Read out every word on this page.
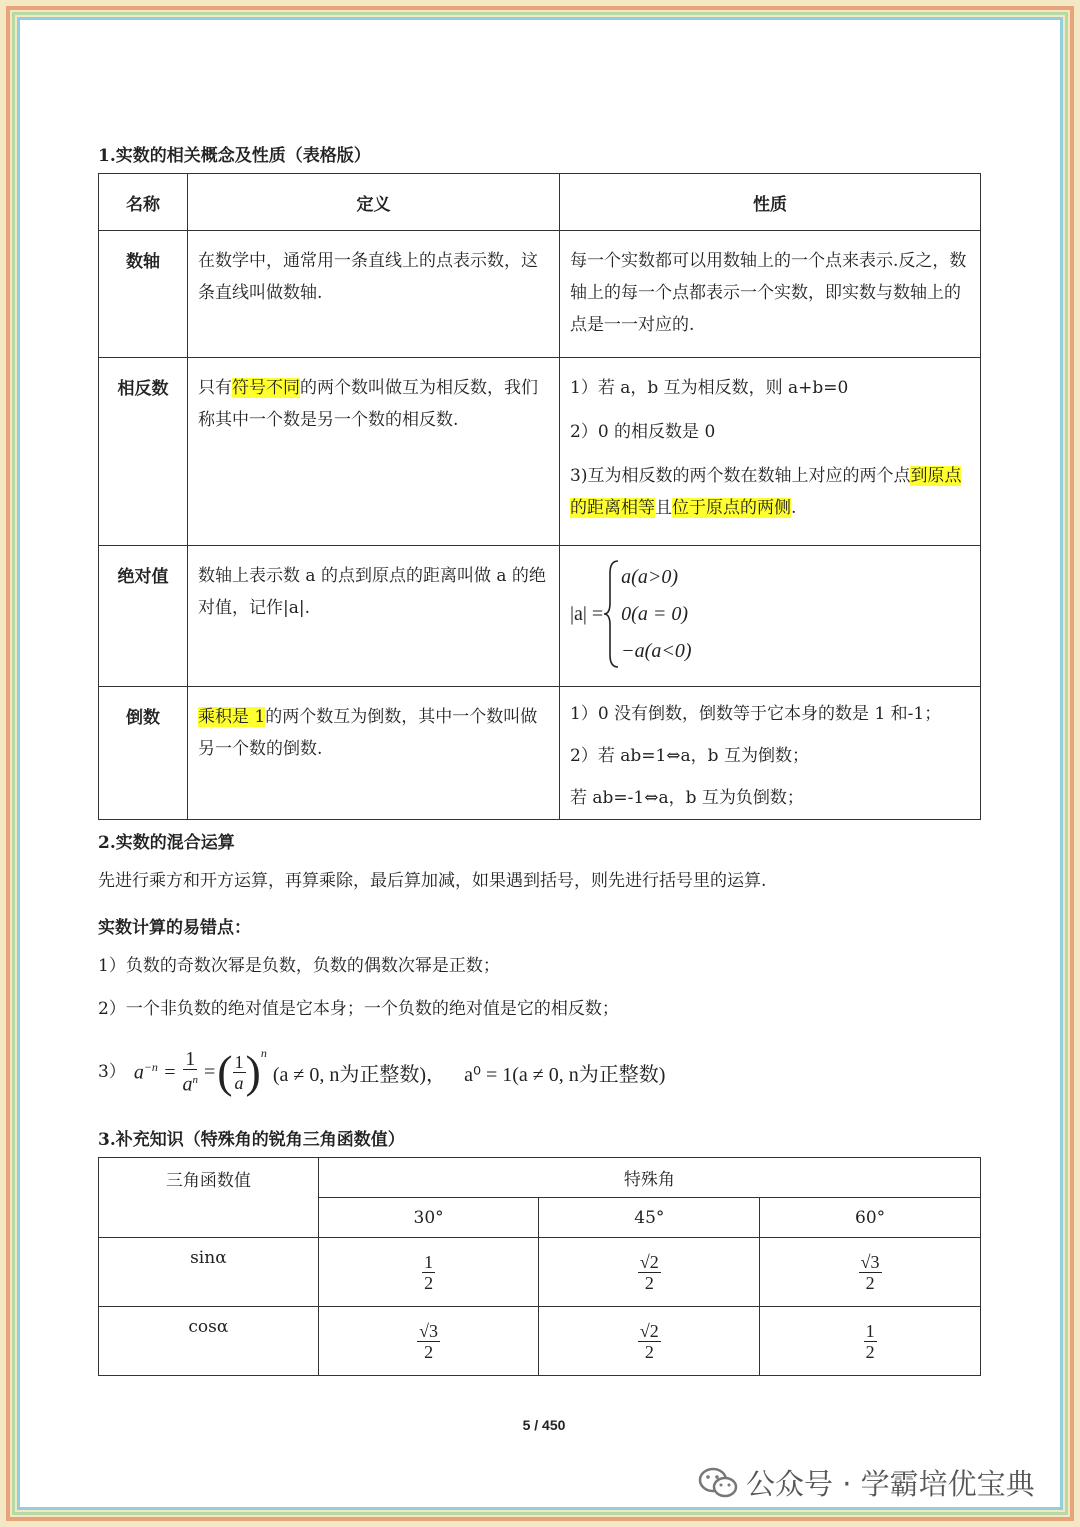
1.实数的相关概念及性质（表格版）
名称	定义	性质
数轴	在数学中，通常用一条直线上的点表示数，这条直线叫做数轴.	每一个实数都可以用数轴上的一个点来表示.反之，数轴上的每一个点都表示一个实数，即实数与数轴上的点是一一对应的.
相反数	只有符号不同的两个数叫做互为相反数，我们称其中一个数是另一个数的相反数.	1）若 a，b 互为相反数，则 a+b=0
2）0 的相反数是 0
3)互为相反数的两个数在数轴上对应的两个点到原点的距离相等且位于原点的两侧.

绝对值	数轴上表示数 a 的点到原点的距离叫做 a 的绝对值，记作|a|.	|a| =
a(a>0)
0(a = 0)
−a(a<0)

倒数	乘积是 1的两个数互为倒数，其中一个数叫做另一个数的倒数.	1）0 没有倒数，倒数等于它本身的数是 1 和-1；
2）若 ab=1⇔a，b 互为倒数；
若 ab=-1⇔a，b 互为负倒数；
2.实数的混合运算
先进行乘方和开方运算，再算乘除，最后算加减，如果遇到括号，则先进行括号里的运算.
实数计算的易错点：
1）负数的奇数次幂是负数，负数的偶数次幂是正数；
2）一个非负数的绝对值是它本身；一个负数的绝对值是它的相反数；
3） $a^{-n} = \frac{1}{a^n}$ = ( $\frac{1}{a} )^n$
(a ≠ 0, n为正整数)， a⁰ = 1(a ≠ 0, n为正整数)
3.补充知识（特殊角的锐角三角函数值）
三角函数值	特殊角		
	30°	45°	60°
sinα	$\frac{1}{2}$	$\frac{√2}{2}$	$\frac{√3}{2}$

cosα	$\frac{√3}{2}$	$\frac{√2}{2}$	$\frac{1}{2}$
5 / 450
公众号 · 学霸培优宝典
